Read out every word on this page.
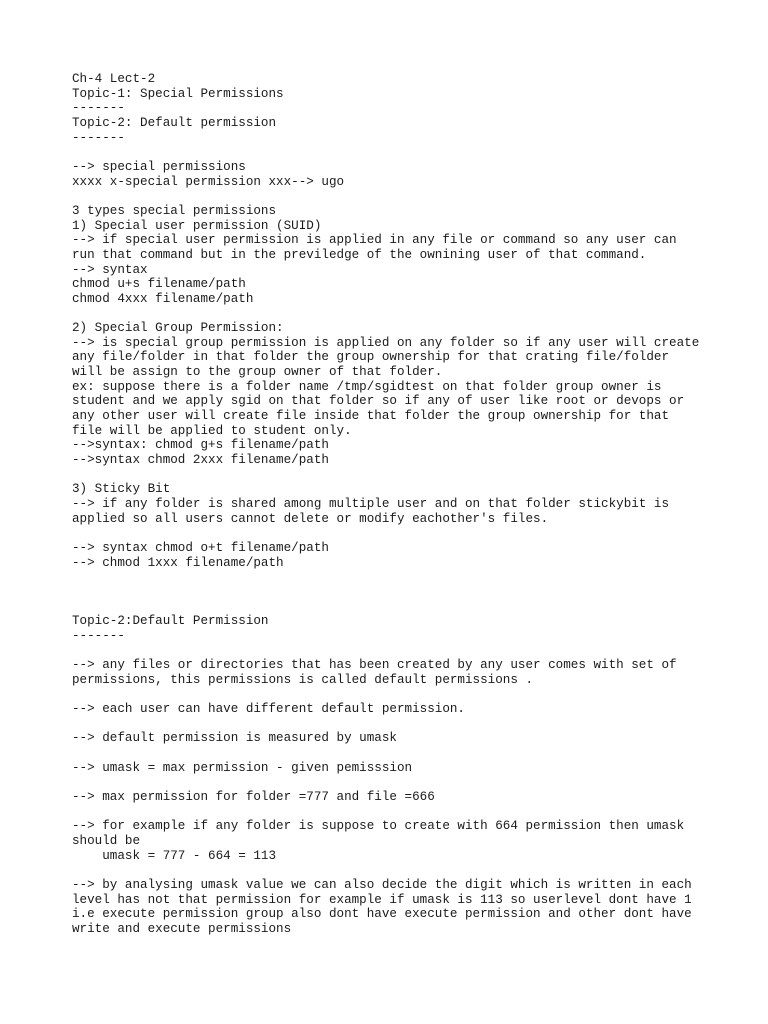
Ch-4 Lect-2
Topic-1: Special Permissions
-------
Topic-2: Default permission
-------
--> special permissions
xxxx x-special permission xxx--> ugo
3 types special permissions
1) Special user permission (SUID)
--> if special user permission is applied in any file or command so any user can
run that command but in the previledge of the ownining user of that command.
--> syntax
chmod u+s filename/path
chmod 4xxx filename/path
2) Special Group Permission:
--> is special group permission is applied on any folder so if any user will create
any file/folder in that folder the group ownership for that crating file/folder
will be assign to the group owner of that folder.
ex: suppose there is a folder name /tmp/sgidtest on that folder group owner is
student and we apply sgid on that folder so if any of user like root or devops or
any other user will create file inside that folder the group ownership for that
file will be applied to student only.
-->syntax: chmod g+s filename/path
-->syntax chmod 2xxx filename/path
3) Sticky Bit
--> if any folder is shared among multiple user and on that folder stickybit is
applied so all users cannot delete or modify eachother's files.
--> syntax chmod o+t filename/path
--> chmod 1xxx filename/path
Topic-2:Default Permission
-------
--> any files or directories that has been created by any user comes with set of
permissions, this permissions is called default permissions .
--> each user can have different default permission.
--> default permission is measured by umask
--> umask = max permission - given pemisssion
--> max permission for folder =777 and file =666
--> for example if any folder is suppose to create with 664 permission then umask
should be
umask = 777 - 664 = 113
--> by analysing umask value we can also decide the digit which is written in each
level has not that permission for example if umask is 113 so userlevel dont have 1
i.e execute permission group also dont have execute permission and other dont have
write and execute permissions
